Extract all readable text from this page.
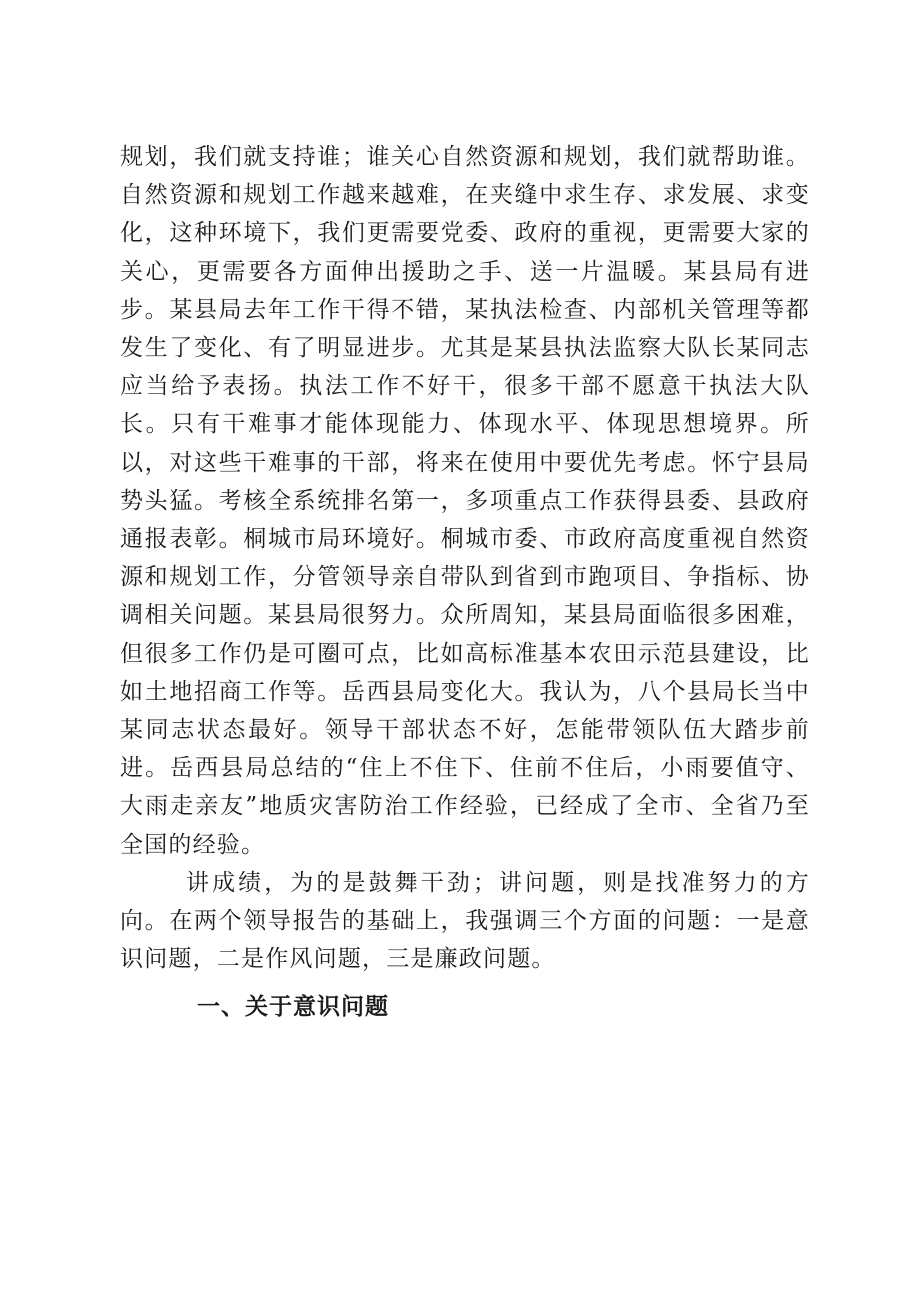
规划，我们就支持谁；谁关心自然资源和规划，我们就帮助谁。自然资源和规划工作越来越难，在夹缝中求生存、求发展、求变化，这种环境下，我们更需要党委、政府的重视，更需要大家的关心，更需要各方面伸出援助之手、送一片温暖。某县局有进步。某县局去年工作干得不错，某执法检查、内部机关管理等都发生了变化、有了明显进步。尤其是某县执法监察大队长某同志应当给予表扬。执法工作不好干，很多干部不愿意干执法大队长。只有干难事才能体现能力、体现水平、体现思想境界。所以，对这些干难事的干部，将来在使用中要优先考虑。怀宁县局势头猛。考核全系统排名第一，多项重点工作获得县委、县政府通报表彰。桐城市局环境好。桐城市委、市政府高度重视自然资源和规划工作，分管领导亲自带队到省到市跑项目、争指标、协调相关问题。某县局很努力。众所周知，某县局面临很多困难，但很多工作仍是可圈可点，比如高标准基本农田示范县建设，比如土地招商工作等。岳西县局变化大。我认为，八个县局长当中某同志状态最好。领导干部状态不好，怎能带领队伍大踏步前进。岳西县局总结的“住上不住下、住前不住后，小雨要值守、大雨走亲友”地质灾害防治工作经验，已经成了全市、全省乃至全国的经验。

讲成绩，为的是鼓舞干劲；讲问题，则是找准努力的方向。在两个领导报告的基础上，我强调三个方面的问题：一是意识问题，二是作风问题，三是廉政问题。

一、关于意识问题
